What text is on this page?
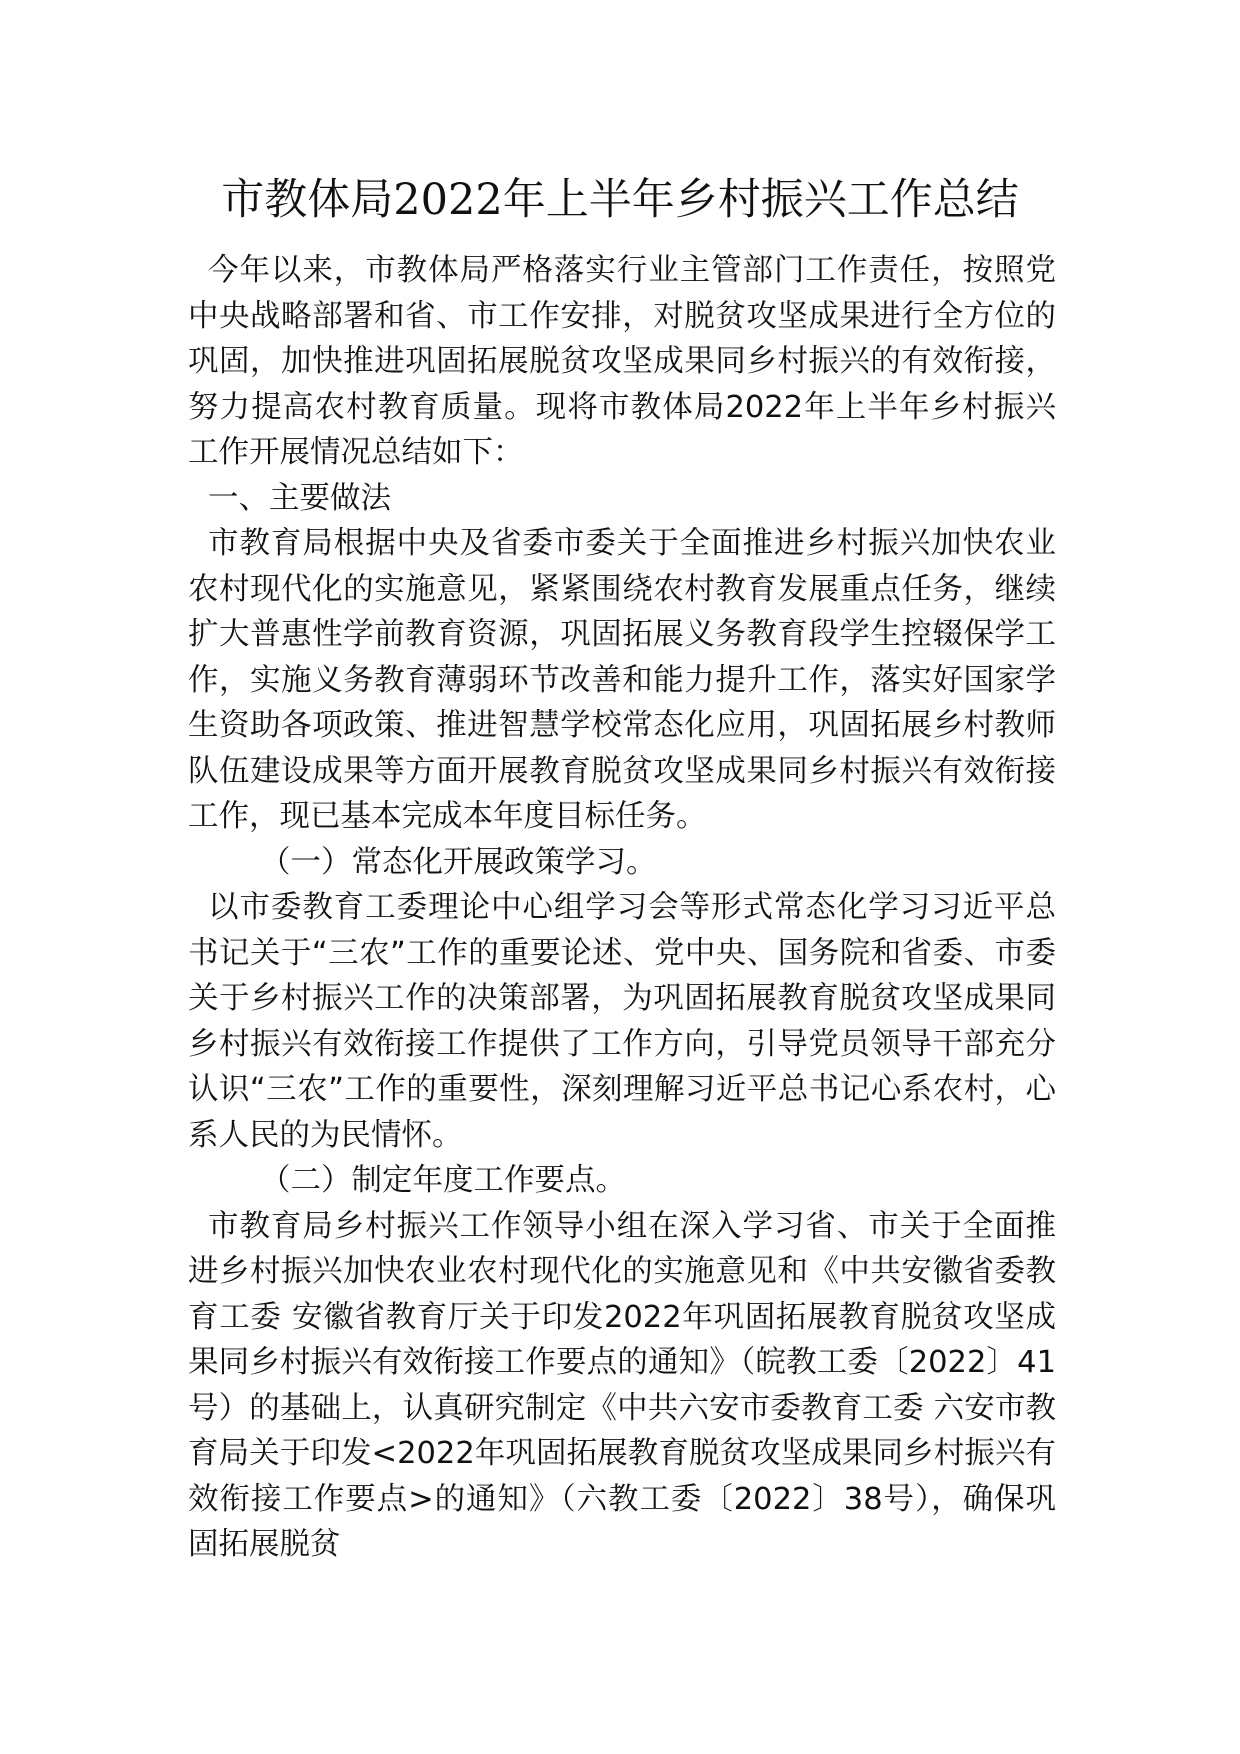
市教体局2022年上半年乡村振兴工作总结

今年以来，市教体局严格落实行业主管部门工作责任，按照党中央战略部署和省、市工作安排，对脱贫攻坚成果进行全方位的巩固，加快推进巩固拓展脱贫攻坚成果同乡村振兴的有效衔接，努力提高农村教育质量。现将市教体局2022年上半年乡村振兴工作开展情况总结如下：

一、主要做法

市教育局根据中央及省委市委关于全面推进乡村振兴加快农业农村现代化的实施意见，紧紧围绕农村教育发展重点任务，继续扩大普惠性学前教育资源，巩固拓展义务教育段学生控辍保学工作，实施义务教育薄弱环节改善和能力提升工作，落实好国家学生资助各项政策、推进智慧学校常态化应用，巩固拓展乡村教师队伍建设成果等方面开展教育脱贫攻坚成果同乡村振兴有效衔接工作，现已基本完成本年度目标任务。

（一）常态化开展政策学习。

以市委教育工委理论中心组学习会等形式常态化学习习近平总书记关于“三农”工作的重要论述、党中央、国务院和省委、市委关于乡村振兴工作的决策部署，为巩固拓展教育脱贫攻坚成果同乡村振兴有效衔接工作提供了工作方向，引导党员领导干部充分认识“三农”工作的重要性，深刻理解习近平总书记心系农村，心系人民的为民情怀。

（二）制定年度工作要点。

市教育局乡村振兴工作领导小组在深入学习省、市关于全面推进乡村振兴加快农业农村现代化的实施意见和《中共安徽省委教育工委 安徽省教育厅关于印发2022年巩固拓展教育脱贫攻坚成果同乡村振兴有效衔接工作要点的通知》（皖教工委〔2022〕41号）的基础上，认真研究制定《中共六安市委教育工委 六安市教育局关于印发<2022年巩固拓展教育脱贫攻坚成果同乡村振兴有效衔接工作要点>的通知》（六教工委〔2022〕38号），确保巩固拓展脱贫
